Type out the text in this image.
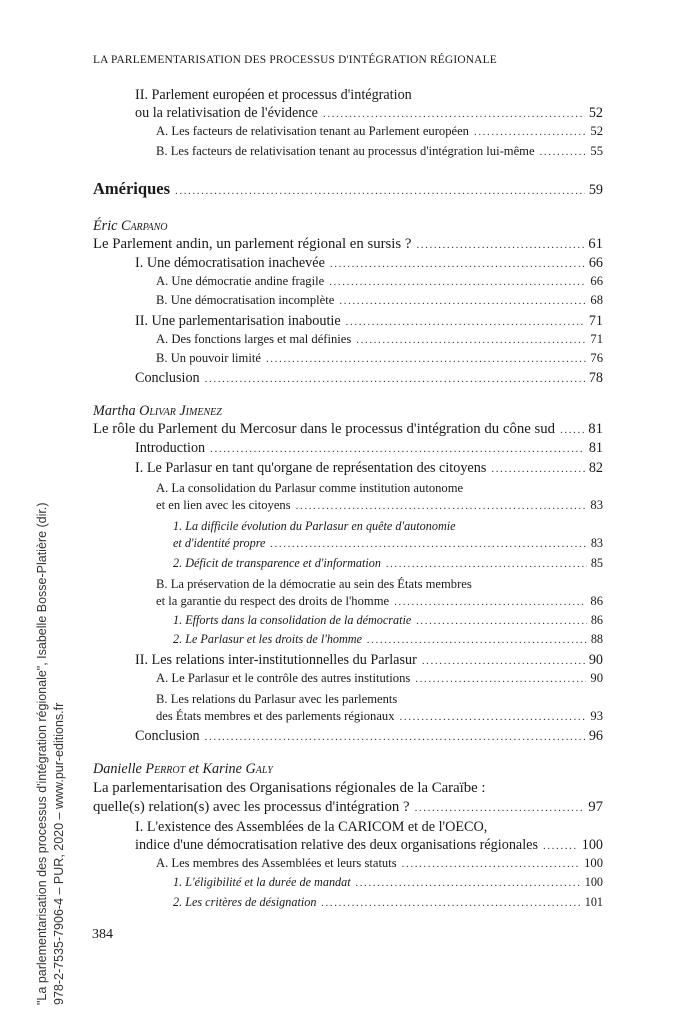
LA PARLEMENTARISATION DES PROCESSUS D'INTÉGRATION RÉGIONALE
II. Parlement européen et processus d'intégration
ou la relativisation de l'évidence .....	52
A. Les facteurs de relativisation tenant au Parlement européen .....	52
B. Les facteurs de relativisation tenant au processus d'intégration lui-même .....	55
Amériques .....	59
Éric Carpano
Le Parlement andin, un parlement régional en sursis ? .....	61
I. Une démocratisation inachevée .....	66
A. Une démocratie andine fragile .....	66
B. Une démocratisation incomplète .....	68
II. Une parlementarisation inaboutie .....	71
A. Des fonctions larges et mal définies .....	71
B. Un pouvoir limité .....	76
Conclusion .....	78
Martha Olivar Jimenez
Le rôle du Parlement du Mercosur dans le processus d'intégration du cône sud ..... 81
Introduction .....	81
I. Le Parlasur en tant qu'organe de représentation des citoyens .....	82
A. La consolidation du Parlasur comme institution autonome
et en lien avec les citoyens .....	83
1. La difficile évolution du Parlasur en quête d'autonomie
et d'identité propre .....	83
2. Déficit de transparence et d'information .....	85
B. La préservation de la démocratie au sein des États membres
et la garantie du respect des droits de l'homme .....	86
1. Efforts dans la consolidation de la démocratie .....	86
2. Le Parlasur et les droits de l'homme .....	88
II. Les relations inter-institutionnelles du Parlasur .....	90
A. Le Parlasur et le contrôle des autres institutions .....	90
B. Les relations du Parlasur avec les parlements
des États membres et des parlements régionaux .....	93
Conclusion .....	96
Danielle Perrot et Karine Galy
La parlementarisation des Organisations régionales de la Caraïbe :
quelle(s) relation(s) avec les processus d'intégration ? .....	97
I. L'existence des Assemblées de la CARICOM et de l'OECO,
indice d'une démocratisation relative des deux organisations régionales .....	100
A. Les membres des Assemblées et leurs statuts .....	100
1. L'éligibilité et la durée de mandat .....	100
2. Les critères de désignation .....	101
384
"La parlementarisation des processus d'intégration régionale", Isabelle Bosse-Platière (dir.) 978-2-7535-7906-4 – PUR, 2020 – www.pur-editions.fr
